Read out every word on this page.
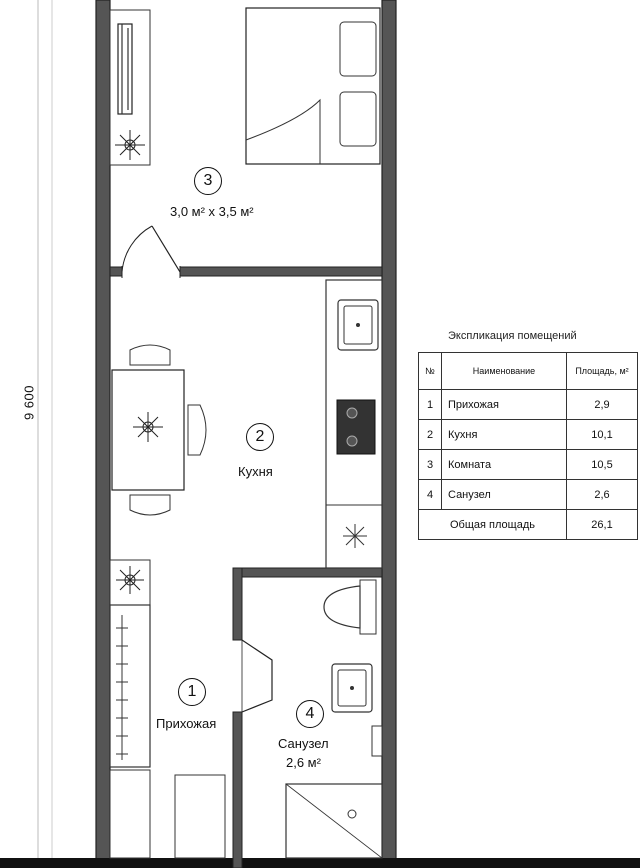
9 600
3
3,0 м² х 3,5 м²
2
Кухня
1
Прихожая
4
Санузел
2,6 м²
Экспликация помещений
№	Наименование	Площадь, м²
1	Прихожая	2,9
2	Кухня	10,1
3	Комната	10,5
4	Санузел	2,6
Общая площадь		26,1
